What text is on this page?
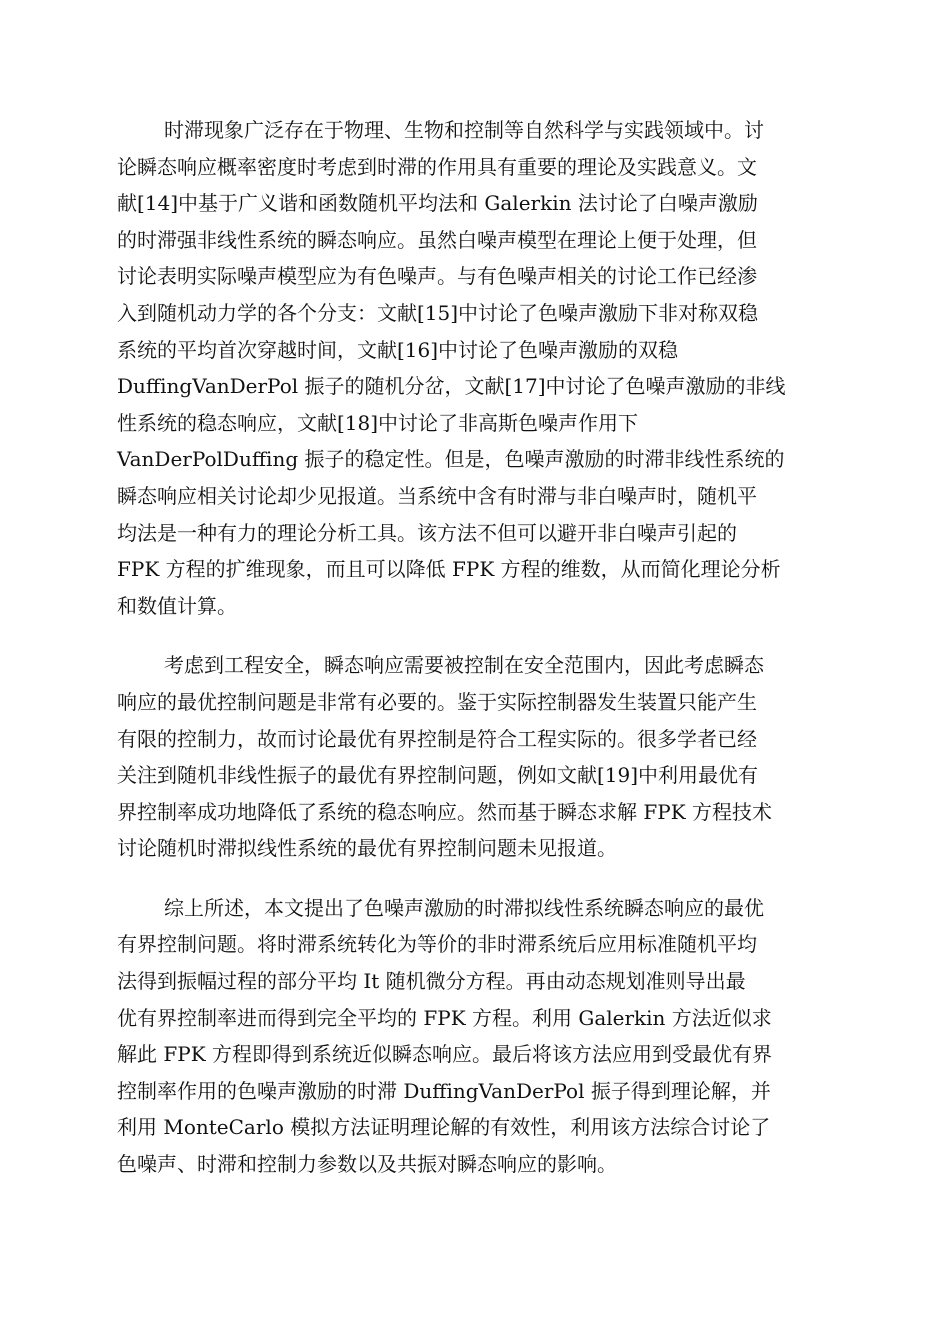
时滞现象广泛存在于物理、生物和控制等自然科学与实践领域中。讨
论瞬态响应概率密度时考虑到时滞的作用具有重要的理论及实践意义。文
献[14]中基于广义谐和函数随机平均法和 Galerkin 法讨论了白噪声激励
的时滞强非线性系统的瞬态响应。虽然白噪声模型在理论上便于处理，但
讨论表明实际噪声模型应为有色噪声。与有色噪声相关的讨论工作已经渗
入到随机动力学的各个分支：文献[15]中讨论了色噪声激励下非对称双稳
系统的平均首次穿越时间，文献[16]中讨论了色噪声激励的双稳
DuffingVanDerPol 振子的随机分岔，文献[17]中讨论了色噪声激励的非线
性系统的稳态响应，文献[18]中讨论了非高斯色噪声作用下
VanDerPolDuffing 振子的稳定性。但是，色噪声激励的时滞非线性系统的
瞬态响应相关讨论却少见报道。当系统中含有时滞与非白噪声时，随机平
均法是一种有力的理论分析工具。该方法不但可以避开非白噪声引起的
FPK 方程的扩维现象，而且可以降低 FPK 方程的维数，从而简化理论分析
和数值计算。
考虑到工程安全，瞬态响应需要被控制在安全范围内，因此考虑瞬态
响应的最优控制问题是非常有必要的。鉴于实际控制器发生装置只能产生
有限的控制力，故而讨论最优有界控制是符合工程实际的。很多学者已经
关注到随机非线性振子的最优有界控制问题，例如文献[19]中利用最优有
界控制率成功地降低了系统的稳态响应。然而基于瞬态求解 FPK 方程技术
讨论随机时滞拟线性系统的最优有界控制问题未见报道。
综上所述，本文提出了色噪声激励的时滞拟线性系统瞬态响应的最优
有界控制问题。将时滞系统转化为等价的非时滞系统后应用标准随机平均
法得到振幅过程的部分平均 It 随机微分方程。再由动态规划准则导出最
优有界控制率进而得到完全平均的 FPK 方程。利用 Galerkin 方法近似求
解此 FPK 方程即得到系统近似瞬态响应。最后将该方法应用到受最优有界
控制率作用的色噪声激励的时滞 DuffingVanDerPol 振子得到理论解，并
利用 MonteCarlo 模拟方法证明理论解的有效性，利用该方法综合讨论了
色噪声、时滞和控制力参数以及共振对瞬态响应的影响。
